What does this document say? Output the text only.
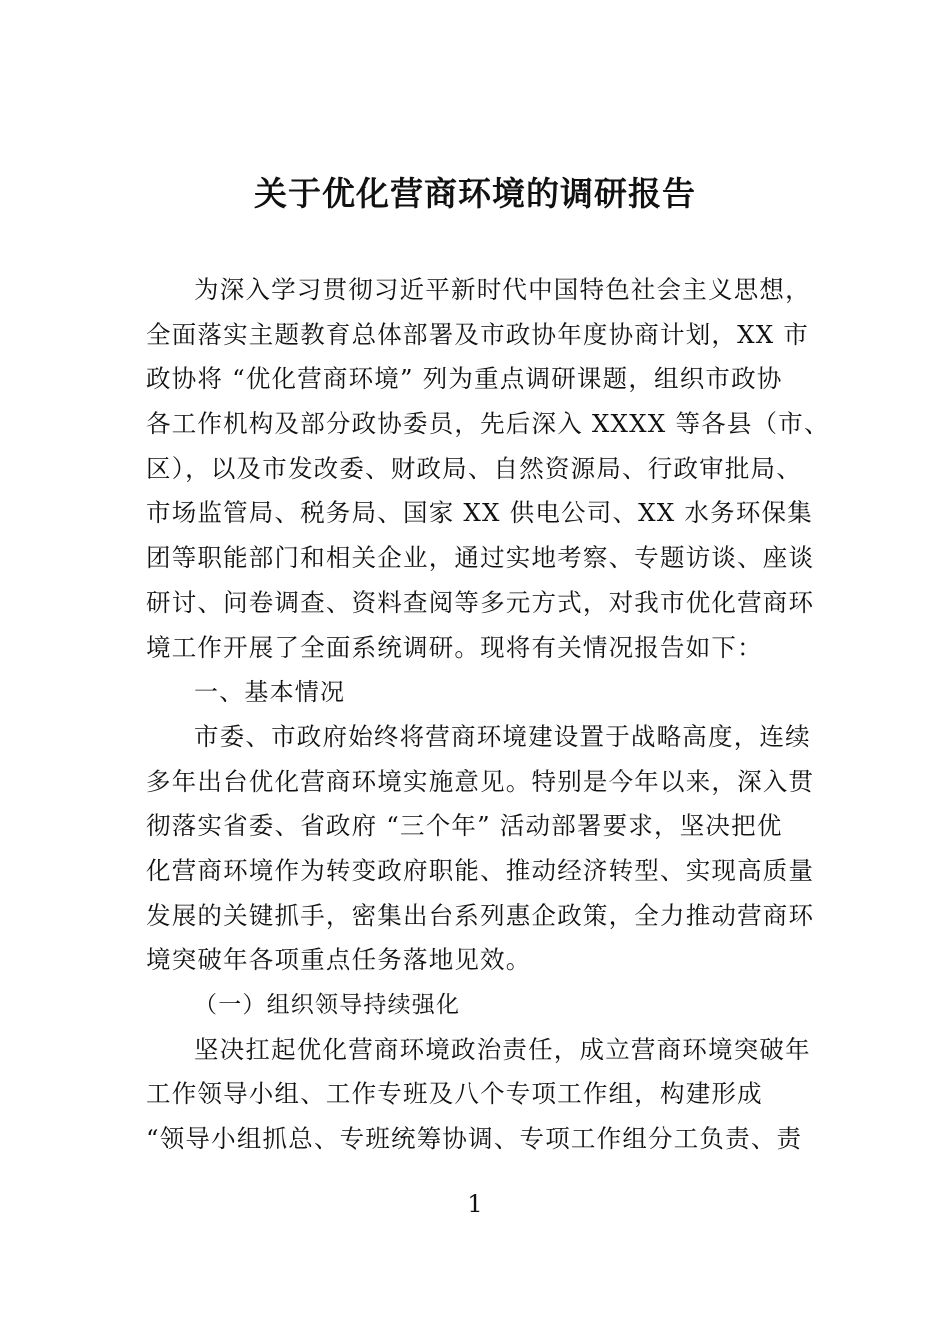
关于优化营商环境的调研报告
为深入学习贯彻习近平新时代中国特色社会主义思想，
全面落实主题教育总体部署及市政协年度协商计划，XX 市
政协将 “优化营商环境” 列为重点调研课题，组织市政协
各工作机构及部分政协委员，先后深入 XXXX 等各县（市、
区），以及市发改委、财政局、自然资源局、行政审批局、
市场监管局、税务局、国家 XX 供电公司、XX 水务环保集
团等职能部门和相关企业，通过实地考察、专题访谈、座谈
研讨、问卷调查、资料查阅等多元方式，对我市优化营商环
境工作开展了全面系统调研。现将有关情况报告如下：
一、基本情况
市委、市政府始终将营商环境建设置于战略高度，连续
多年出台优化营商环境实施意见。特别是今年以来，深入贯
彻落实省委、省政府 “三个年” 活动部署要求，坚决把优
化营商环境作为转变政府职能、推动经济转型、实现高质量
发展的关键抓手，密集出台系列惠企政策，全力推动营商环
境突破年各项重点任务落地见效。
（一）组织领导持续强化
坚决扛起优化营商环境政治责任，成立营商环境突破年
工作领导小组、工作专班及八个专项工作组，构建形成
“领导小组抓总、专班统筹协调、专项工作组分工负责、责
1
